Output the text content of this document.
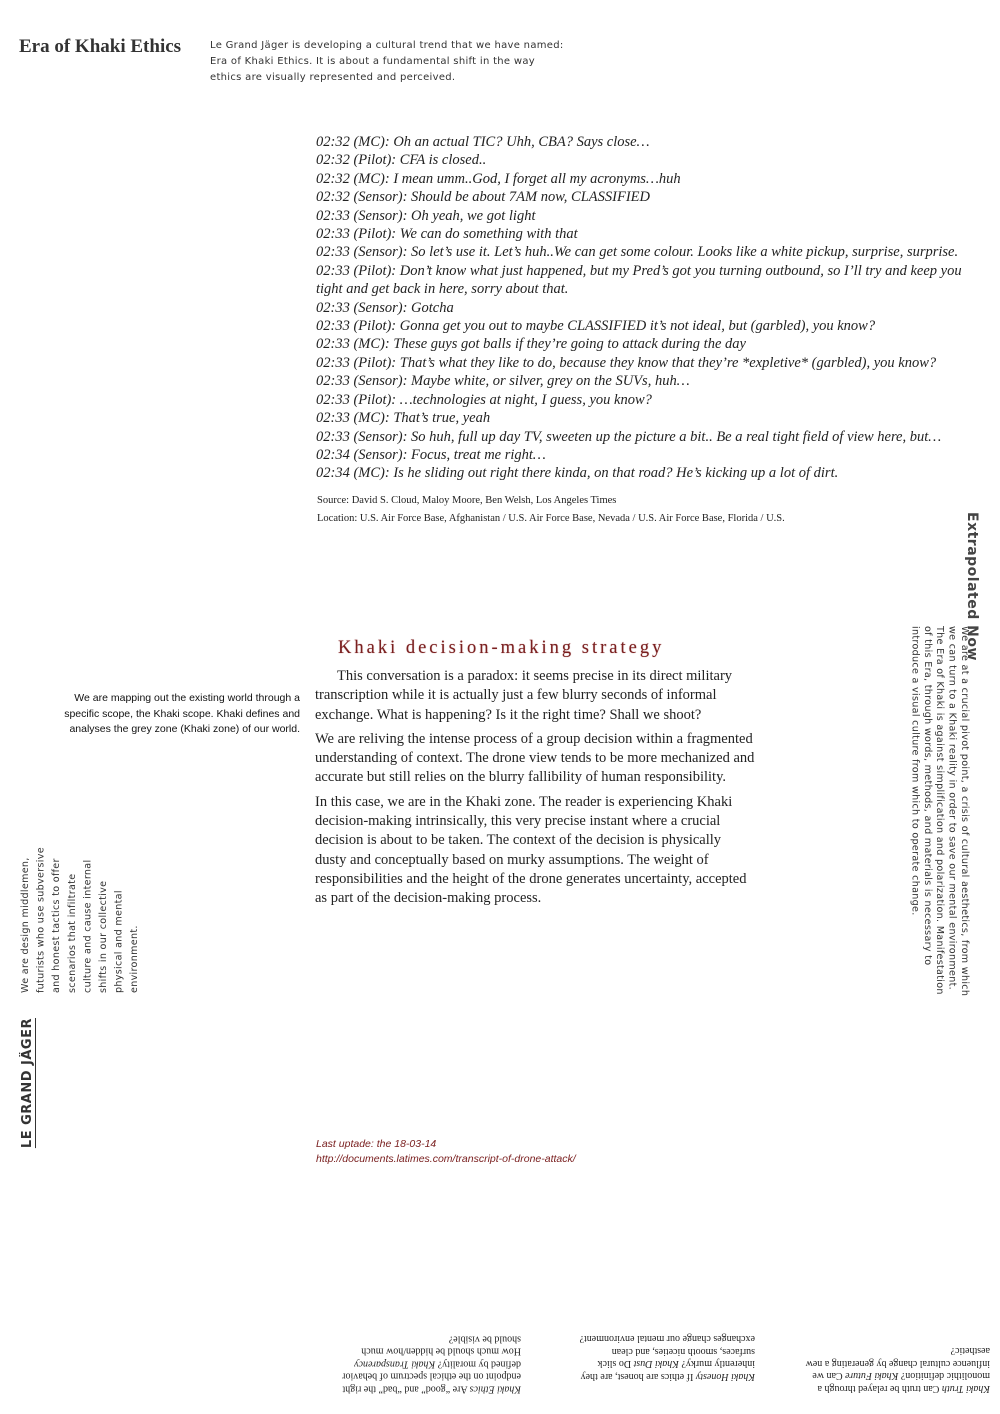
Era of Khaki Ethics	Le Grand Jäger is developing a cultural trend that we have named: Era of Khaki Ethics. It is about a fundamental shift in the way ethics are visually represented and perceived.
02:32 (MC): Oh an actual TIC? Uhh, CBA? Says close…
02:32 (Pilot): CFA is closed..
02:32 (MC): I mean umm..God, I forget all my acronyms…huh
02:32 (Sensor): Should be about 7AM now, CLASSIFIED
02:33 (Sensor): Oh yeah, we got light
02:33 (Pilot): We can do something with that
02:33 (Sensor): So let’s use it. Let’s huh..We can get some colour. Looks like a white pickup, surprise, surprise.
02:33 (Pilot): Don’t know what just happened, but my Pred’s got you turning outbound, so I’ll try and keep you
tight and get back in here, sorry about that.
02:33 (Sensor): Gotcha
02:33 (Pilot): Gonna get you out to maybe CLASSIFIED it’s not ideal, but (garbled), you know?
02:33 (MC): These guys got balls if they’re going to attack during the day
02:33 (Pilot): That’s what they like to do, because they know that they’re *expletive* (garbled), you know?
02:33 (Sensor): Maybe white, or silver, grey on the SUVs, huh…
02:33 (Pilot): …technologies at night, I guess, you know?
02:33 (MC): That’s true, yeah
02:33 (Sensor): So huh, full up day TV, sweeten up the picture a bit.. Be a real tight field of view here, but…
02:34 (Sensor): Focus, treat me right…
02:34 (MC): Is he sliding out right there kinda, on that road? He’s kicking up a lot of dirt.
Source: David S. Cloud, Maloy Moore, Ben Welsh, Los Angeles Times
Location: U.S. Air Force Base, Afghanistan / U.S. Air Force Base, Nevada / U.S. Air Force Base, Florida / U.S.	Extrapolated Now
We are at a crucial pivot point, a crisis of cultural aesthetics, from which we can turn to a Khaki reality in order to save our mental environment. The Era of Khaki is against simplification and polarization. Manifestation of this Era, through words, methods, and materials is necessary to introduce a visual culture from which to operate change.
Khaki decision-making strategy

This conversation is a paradox: it seems precise in its direct military transcription while it is actually just a few blurry seconds of informal exchange. What is happening? Is it the right time? Shall we shoot?

We are reliving the intense process of a group decision within a fragmented understanding of context. The drone view tends to be more mechanized and accurate but still relies on the blurry fallibility of human responsibility.

In this case, we are in the Khaki zone. The reader is experiencing Khaki decision-making intrinsically, this very precise instant where a crucial decision is about to be taken. The context of the decision is physically dusty and conceptually based on murky assumptions. The weight of responsibilities and the height of the drone generates uncertainty, accepted as part of the decision-making process.

We are mapping out the existing world through a specific scope, the Khaki scope. Khaki defines and analyses the grey zone (Khaki zone) of our world.
We are design middlemen, futurists who use subversive and honest tactics to offer scenarios that infiltrate culture and cause internal shifts in our collective physical and mental environment.
LE GRAND JÄGER	Last uptade: the 18-03-14
http://documents.latimes.com/transcript-of-drone-attack/
Khaki Ethics Are “good” and “bad” the right endpoint on the ethical spectrum of behavior defined by morality? Khaki Transparency How much should be hidden/how much should be visible?
Khaki Honesty If ethics are honest, are they inherently murky? Khaki Dust Do slick surfaces, smooth niceties, and clean exchanges change our mental environment?
Khaki Truth Can truth be relayed through a monolithic definition? Khaki Future Can we influence cultural change by generating a new aesthetic?
